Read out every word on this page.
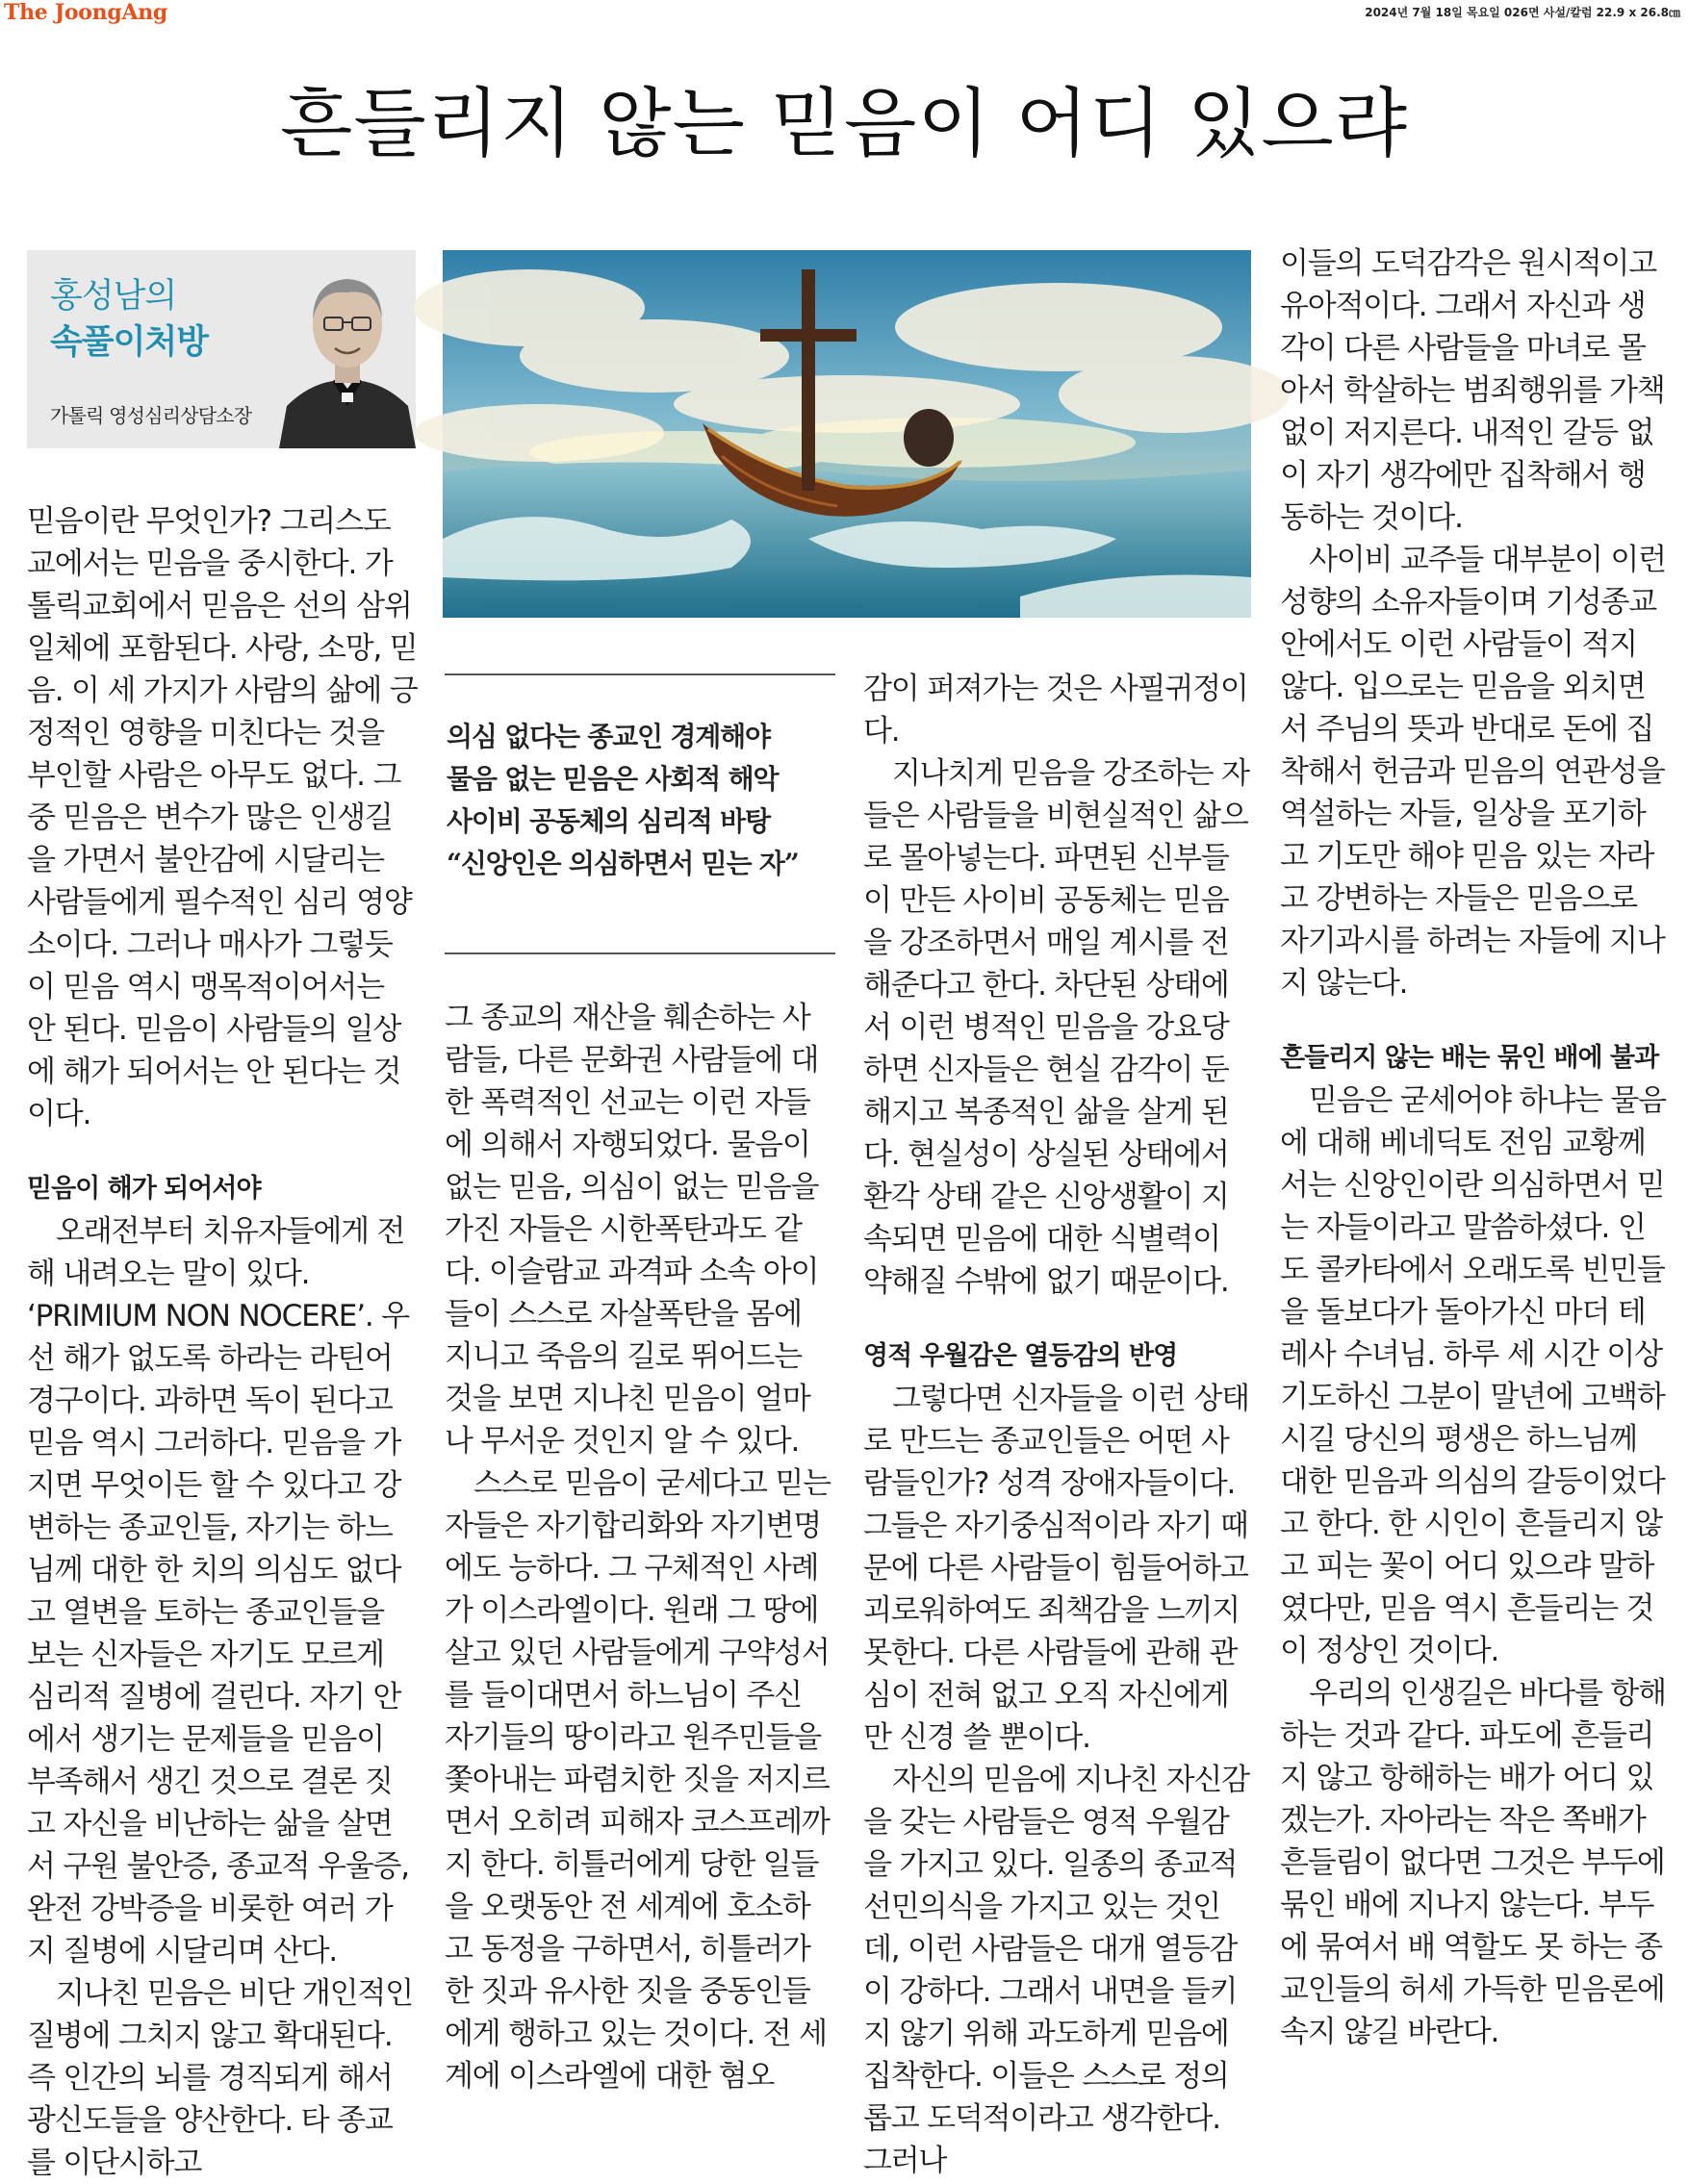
The JoongAng	2024년 7월 18일 목요일 026면 사설/칼럼 22.9 x 26.8㎝
흔들리지 않는 믿음이 어디 있으랴
홍성남의
속풀이처방
가톨릭 영성심리상담소장
의심 없다는 종교인 경계해야
물음 없는 믿음은 사회적 해악
사이비 공동체의 심리적 바탕
“신앙인은 의심하면서 믿는 자”

믿음이란 무엇인가? 그리스도교에서는 믿음을 중시한다. 가톨릭교회에서 믿음은 선의 삼위일체에 포함된다. 사랑, 소망, 믿음. 이 세 가지가 사람의 삶에 긍정적인 영향을 미친다는 것을 부인할 사람은 아무도 없다. 그중 믿음은 변수가 많은 인생길을 가면서 불안감에 시달리는 사람들에게 필수적인 심리 영양소이다. 그러나 매사가 그렇듯이 믿음 역시 맹목적이어서는 안 된다. 믿음이 사람들의 일상에 해가 되어서는 안 된다는 것이다.

믿음이 해가 되어서야

오래전부터 치유자들에게 전해 내려오는 말이 있다. ‘PRIMIUM NON NOCERE’. 우선 해가 없도록 하라는 라틴어 경구이다. 과하면 독이 된다고 믿음 역시 그러하다. 믿음을 가지면 무엇이든 할 수 있다고 강변하는 종교인들, 자기는 하느님께 대한 한 치의 의심도 없다고 열변을 토하는 종교인들을 보는 신자들은 자기도 모르게 심리적 질병에 걸린다. 자기 안에서 생기는 문제들을 믿음이 부족해서 생긴 것으로 결론 짓고 자신을 비난하는 삶을 살면서 구원 불안증, 종교적 우울증, 완전 강박증을 비롯한 여러 가지 질병에 시달리며 산다.

지나친 믿음은 비단 개인적인 질병에 그치지 않고 확대된다. 즉 인간의 뇌를 경직되게 해서 광신도들을 양산한다. 타 종교를 이단시하고

그 종교의 재산을 훼손하는 사람들, 다른 문화권 사람들에 대한 폭력적인 선교는 이런 자들에 의해서 자행되었다. 물음이 없는 믿음, 의심이 없는 믿음을 가진 자들은 시한폭탄과도 같다. 이슬람교 과격파 소속 아이들이 스스로 자살폭탄을 몸에 지니고 죽음의 길로 뛰어드는 것을 보면 지나친 믿음이 얼마나 무서운 것인지 알 수 있다.

스스로 믿음이 굳세다고 믿는 자들은 자기합리화와 자기변명에도 능하다. 그 구체적인 사례가 이스라엘이다. 원래 그 땅에 살고 있던 사람들에게 구약성서를 들이대면서 하느님이 주신 자기들의 땅이라고 원주민들을 쫓아내는 파렴치한 짓을 저지르면서 오히려 피해자 코스프레까지 한다. 히틀러에게 당한 일들을 오랫동안 전 세계에 호소하고 동정을 구하면서, 히틀러가 한 짓과 유사한 짓을 중동인들에게 행하고 있는 것이다. 전 세계에 이스라엘에 대한 혐오

감이 퍼져가는 것은 사필귀정이다.

지나치게 믿음을 강조하는 자들은 사람들을 비현실적인 삶으로 몰아넣는다. 파면된 신부들이 만든 사이비 공동체는 믿음을 강조하면서 매일 계시를 전해준다고 한다. 차단된 상태에서 이런 병적인 믿음을 강요당하면 신자들은 현실 감각이 둔해지고 복종적인 삶을 살게 된다. 현실성이 상실된 상태에서 환각 상태 같은 신앙생활이 지속되면 믿음에 대한 식별력이 약해질 수밖에 없기 때문이다.

영적 우월감은 열등감의 반영

그렇다면 신자들을 이런 상태로 만드는 종교인들은 어떤 사람들인가? 성격 장애자들이다. 그들은 자기중심적이라 자기 때문에 다른 사람들이 힘들어하고 괴로워하여도 죄책감을 느끼지 못한다. 다른 사람들에 관해 관심이 전혀 없고 오직 자신에게만 신경 쓸 뿐이다.

자신의 믿음에 지나친 자신감을 갖는 사람들은 영적 우월감을 가지고 있다. 일종의 종교적 선민의식을 가지고 있는 것인데, 이런 사람들은 대개 열등감이 강하다. 그래서 내면을 들키지 않기 위해 과도하게 믿음에 집착한다. 이들은 스스로 정의롭고 도덕적이라고 생각한다. 그러나

이들의 도덕감각은 원시적이고 유아적이다. 그래서 자신과 생각이 다른 사람들을 마녀로 몰아서 학살하는 범죄행위를 가책 없이 저지른다. 내적인 갈등 없이 자기 생각에만 집착해서 행동하는 것이다.

사이비 교주들 대부분이 이런 성향의 소유자들이며 기성종교 안에서도 이런 사람들이 적지 않다. 입으로는 믿음을 외치면서 주님의 뜻과 반대로 돈에 집착해서 헌금과 믿음의 연관성을 역설하는 자들, 일상을 포기하고 기도만 해야 믿음 있는 자라고 강변하는 자들은 믿음으로 자기과시를 하려는 자들에 지나지 않는다.

흔들리지 않는 배는 묶인 배에 불과

믿음은 굳세어야 하냐는 물음에 대해 베네딕토 전임 교황께서는 신앙인이란 의심하면서 믿는 자들이라고 말씀하셨다. 인도 콜카타에서 오래도록 빈민들을 돌보다가 돌아가신 마더 테레사 수녀님. 하루 세 시간 이상 기도하신 그분이 말년에 고백하시길 당신의 평생은 하느님께 대한 믿음과 의심의 갈등이었다고 한다. 한 시인이 흔들리지 않고 피는 꽃이 어디 있으랴 말하였다만, 믿음 역시 흔들리는 것이 정상인 것이다.

우리의 인생길은 바다를 항해하는 것과 같다. 파도에 흔들리지 않고 항해하는 배가 어디 있겠는가. 자아라는 작은 쪽배가 흔들림이 없다면 그것은 부두에 묶인 배에 지나지 않는다. 부두에 묶여서 배 역할도 못 하는 종교인들의 허세 가득한 믿음론에 속지 않길 바란다.
